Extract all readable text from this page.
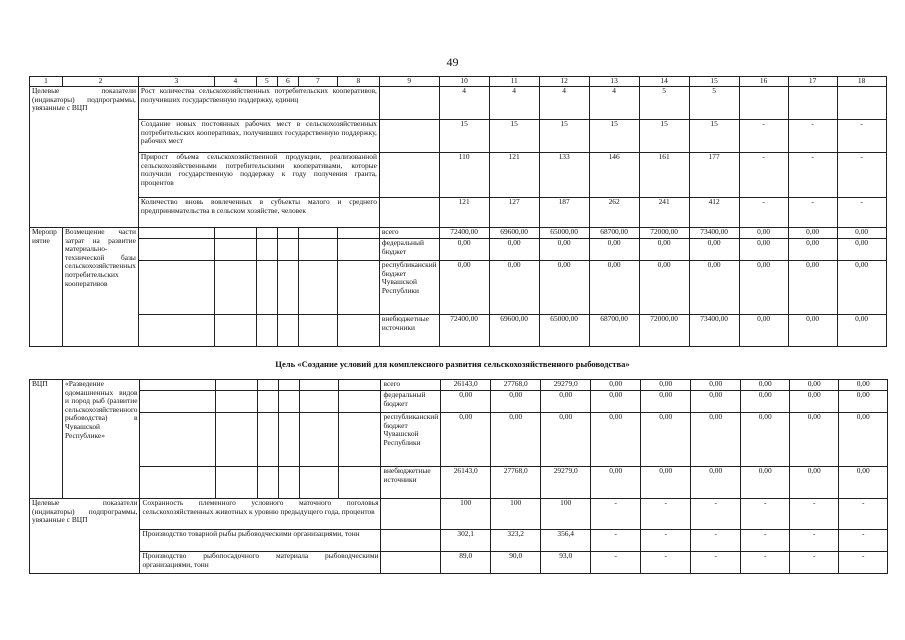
49
1	2	3	4	5	6	7	8	9	10	11	12	13	14	15	16	17	18
Целевые показатели (индикаторы) подпрограммы, увязанные с ВЦП		Рост количества сельскохозяйственных потребительских кооперативов, получивших государственную поддержку, единиц							4	4	4	4	5	5			
		Создание новых постоянных рабочих мест в сельскохозяйственных потребительских кооперативах, получивших государственную поддержку, рабочих мест							15	15	15	15	15	15	-	-	-
		Прирост объема сельскохозяйственной продукции, реализованной сельскохозяйственными потребительскими кооперативами, которые получили государственную поддержку к году получения гранта, процентов							110	121	133	146	161	177	-	-	-
		Количество вновь вовлеченных в субъекты малого и среднего предпринимательства в сельском хозяйстве, человек							121	127	187	262	241	412	-	-	-
Мероприятие	Возмещение части затрат на развитие материально-технической базы сельскохозяйственных потребительских кооперативов							всего	72400,00	69600,00	65000,00	68700,00	72000,00	73400,00	0,00	0,00	0,00
								федеральный бюджет	0,00	0,00	0,00	0,00	0,00	0,00	0,00	0,00	0,00
								республиканский бюджет Чувашской Республики	0,00	0,00	0,00	0,00	0,00	0,00	0,00	0,00	0,00
								внебюджетные источники	72400,00	69600,00	65000,00	68700,00	72000,00	73400,00	0,00	0,00	0,00
Цель «Создание условий для комплексного развития сельскохозяйственного рыбоводства»
ВЦП	«Разведение одомашненных видов и пород рыб (развитие сельскохозяйственного рыбоводства) в Чувашской Республике»							всего	26143,0	27768,0	29279,0	0,00	0,00	0,00	0,00	0,00	0,00
								федеральный бюджет	0,00	0,00	0,00	0,00	0,00	0,00	0,00	0,00	0,00
								республиканский бюджет Чувашской Республики	0,00	0,00	0,00	0,00	0,00	0,00	0,00	0,00	0,00
								внебюджетные источники	26143,0	27768,0	29279,0	0,00	0,00	0,00	0,00	0,00	0,00
Целевые показатели (индикаторы) подпрограммы, увязанные с ВЦП		Сохранность племенного условного маточного поголовья сельскохозяйственных животных к уровню предыдущего года, процентов							100	100	100	-	-	-	-	-	-
		Производство товарной рыбы рыбоводческими организациями, тонн							302,1	323,2	356,4	-	-	-	-	-	-
		Производство рыбопосадочного материала рыбоводческими организациями, тонн							89,0	90,0	93,0	-	-	-	-	-	-
